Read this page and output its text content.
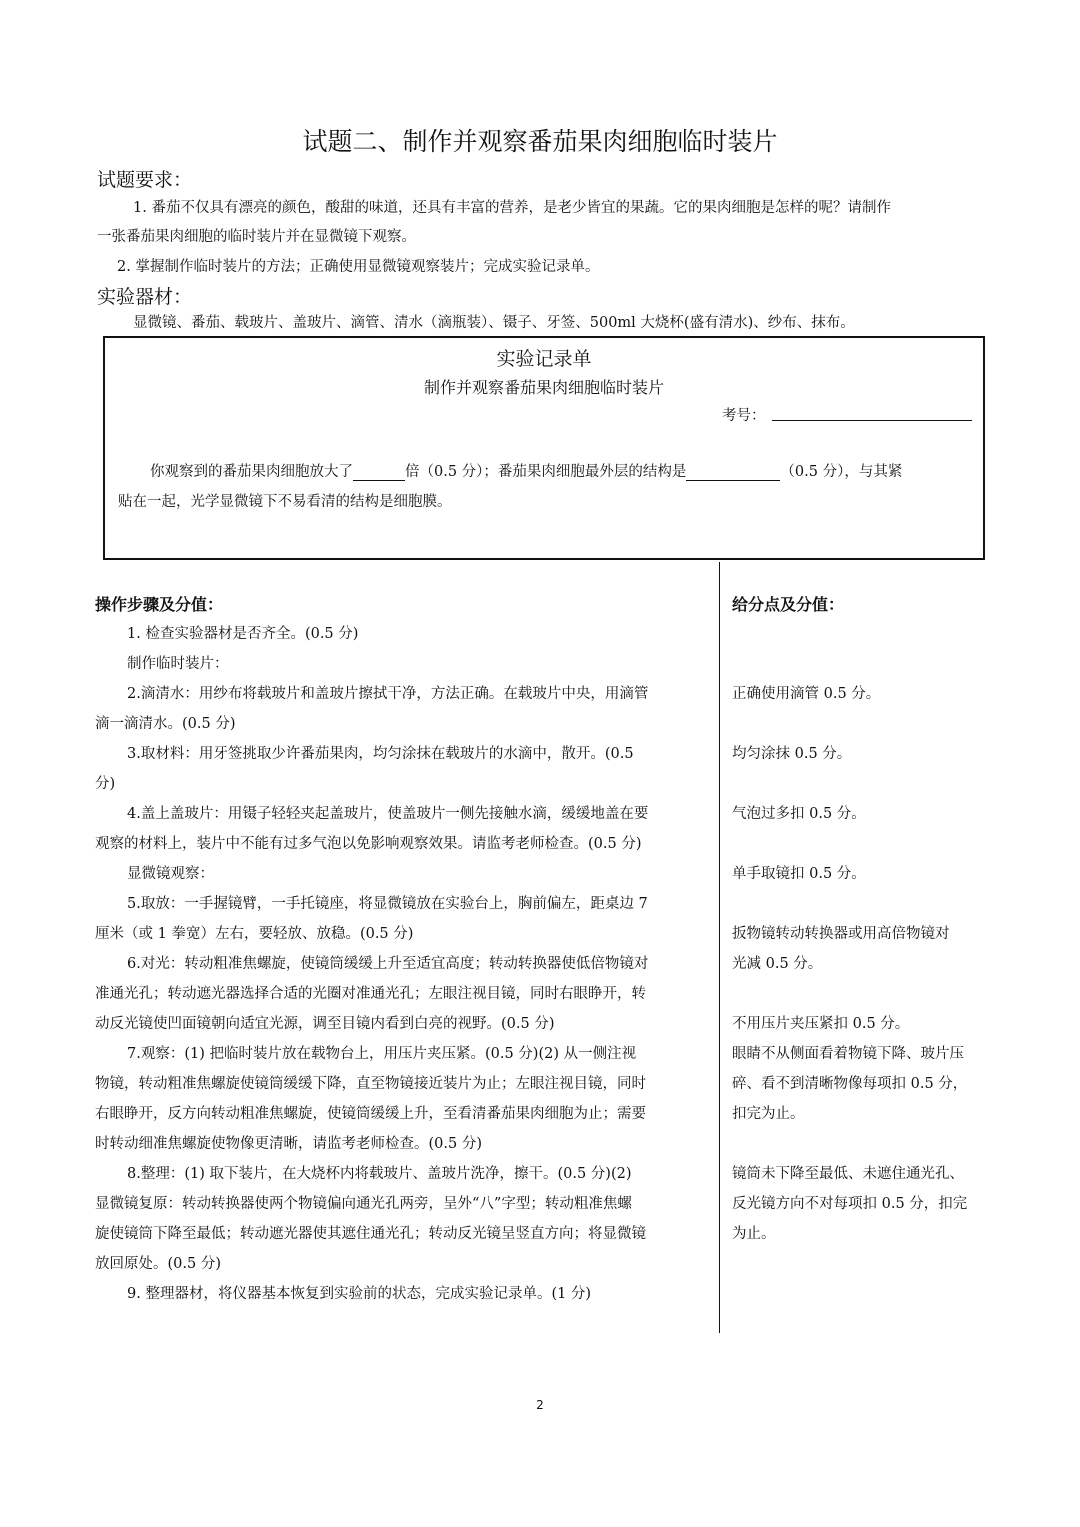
试题二、制作并观察番茄果肉细胞临时装片
试题要求：
1. 番茄不仅具有漂亮的颜色，酸甜的味道，还具有丰富的营养，是老少皆宜的果蔬。它的果肉细胞是怎样的呢？请制作
一张番茄果肉细胞的临时装片并在显微镜下观察。
2. 掌握制作临时装片的方法；正确使用显微镜观察装片；完成实验记录单。
实验器材：
显微镜、番茄、载玻片、盖玻片、滴管、清水（滴瓶装）、镊子、牙签、500ml 大烧杯(盛有清水)、纱布、抹布。
实验记录单
制作并观察番茄果肉细胞临时装片
考号：
你观察到的番茄果肉细胞放大了	倍（0.5 分）；番茄果肉细胞最外层的结构是	（0.5 分），与其紧
贴在一起，光学显微镜下不易看清的结构是细胞膜。
操作步骤及分值：
1. 检查实验器材是否齐全。(0.5 分)
制作临时装片：
2.滴清水：用纱布将载玻片和盖玻片擦拭干净，方法正确。在载玻片中央，用滴管
滴一滴清水。(0.5 分)
3.取材料：用牙签挑取少许番茄果肉，均匀涂抹在载玻片的水滴中，散开。(0.5
分)
4.盖上盖玻片：用镊子轻轻夹起盖玻片，使盖玻片一侧先接触水滴，缓缓地盖在要
观察的材料上，装片中不能有过多气泡以免影响观察效果。请监考老师检查。(0.5 分)
显微镜观察：
5.取放：一手握镜臂，一手托镜座，将显微镜放在实验台上，胸前偏左，距桌边 7
厘米（或 1 拳宽）左右，要轻放、放稳。(0.5 分)
6.对光：转动粗准焦螺旋，使镜筒缓缓上升至适宜高度；转动转换器使低倍物镜对
准通光孔；转动遮光器选择合适的光圈对准通光孔；左眼注视目镜，同时右眼睁开，转
动反光镜使凹面镜朝向适宜光源，调至目镜内看到白亮的视野。(0.5 分)
7.观察：(1) 把临时装片放在载物台上，用压片夹压紧。(0.5 分)(2) 从一侧注视
物镜，转动粗准焦螺旋使镜筒缓缓下降，直至物镜接近装片为止；左眼注视目镜，同时
右眼睁开，反方向转动粗准焦螺旋，使镜筒缓缓上升，至看清番茄果肉细胞为止；需要
时转动细准焦螺旋使物像更清晰，请监考老师检查。(0.5 分)
8.整理：(1) 取下装片，在大烧杯内将载玻片、盖玻片洗净，擦干。(0.5 分)(2)
显微镜复原：转动转换器使两个物镜偏向通光孔两旁，呈外“八”字型；转动粗准焦螺
旋使镜筒下降至最低；转动遮光器使其遮住通光孔；转动反光镜呈竖直方向；将显微镜
放回原处。(0.5 分)
9. 整理器材，将仪器基本恢复到实验前的状态，完成实验记录单。(1 分)
给分点及分值：
正确使用滴管 0.5 分。
均匀涂抹 0.5 分。
气泡过多扣 0.5 分。
单手取镜扣 0.5 分。
扳物镜转动转换器或用高倍物镜对
光减 0.5 分。
不用压片夹压紧扣 0.5 分。
眼睛不从侧面看着物镜下降、玻片压
碎、看不到清晰物像每项扣 0.5 分，
扣完为止。
镜筒未下降至最低、未遮住通光孔、
反光镜方向不对每项扣 0.5 分，扣完
为止。
2
